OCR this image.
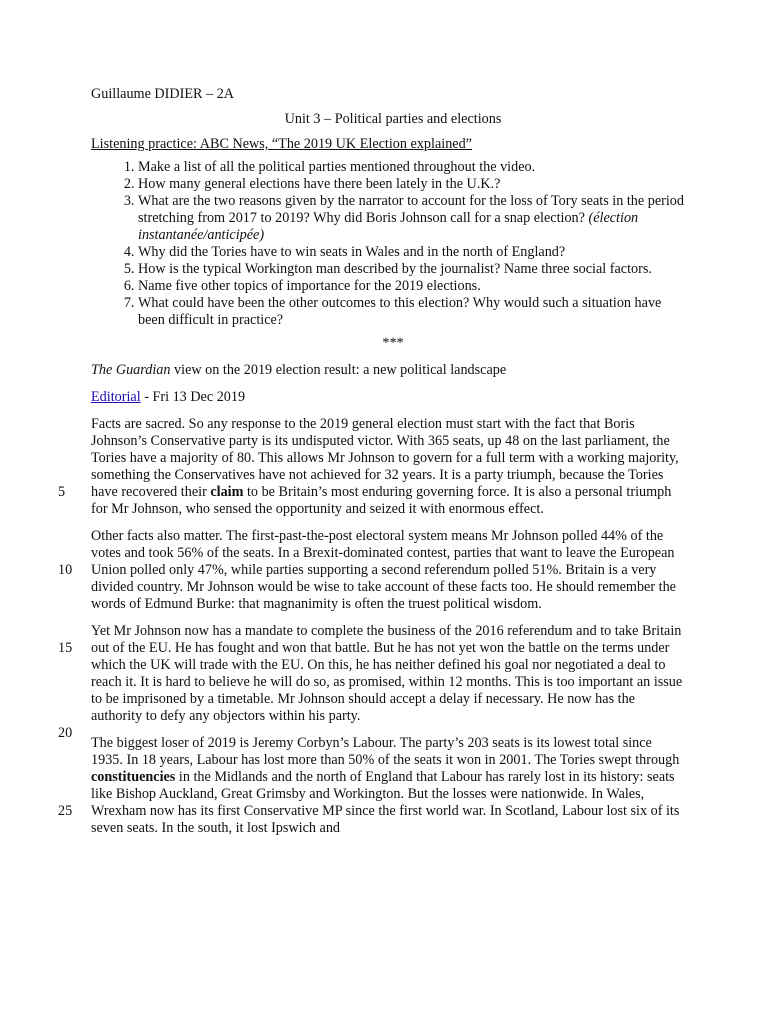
Guillaume DIDIER – 2A

Unit 3 – Political parties and elections

Listening practice: ABC News, “The 2019 UK Election explained”

1. Make a list of all the political parties mentioned throughout the video.
2. How many general elections have there been lately in the U.K.?
3. What are the two reasons given by the narrator to account for the loss of Tory seats in the period stretching from 2017 to 2019? Why did Boris Johnson call for a snap election? (élection instantanée/anticipée)
4. Why did the Tories have to win seats in Wales and in the north of England?
5. How is the typical Workington man described by the journalist? Name three social factors.
6. Name five other topics of importance for the 2019 elections.
7. What could have been the other outcomes to this election? Why would such a situation have been difficult in practice?

***

The Guardian view on the 2019 election result: a new political landscape

Editorial - Fri 13 Dec 2019

5
Facts are sacred. So any response to the 2019 general election must start with the fact that Boris Johnson’s Conservative party is its undisputed victor. With 365 seats, up 48 on the last parliament, the Tories have a majority of 80. This allows Mr Johnson to govern for a full term with a working majority, something the Conservatives have not achieved for 32 years. It is a party triumph, because the Tories have recovered their claim to be Britain’s most enduring governing force. It is also a personal triumph for Mr Johnson, who sensed the opportunity and seized it with enormous effect.

10
Other facts also matter. The first-past-the-post electoral system means Mr Johnson polled 44% of the votes and took 56% of the seats. In a Brexit-dominated contest, parties that want to leave the European Union polled only 47%, while parties supporting a second referendum polled 51%. Britain is a very divided country. Mr Johnson would be wise to take account of these facts too. He should remember the words of Edmund Burke: that magnanimity is often the truest political wisdom.

15
20
Yet Mr Johnson now has a mandate to complete the business of the 2016 referendum and to take Britain out of the EU. He has fought and won that battle. But he has not yet won the battle on the terms under which the UK will trade with the EU. On this, he has neither defined his goal nor negotiated a deal to reach it. It is hard to believe he will do so, as promised, within 12 months. This is too important an issue to be imprisoned by a timetable. Mr Johnson should accept a delay if necessary. He now has the authority to defy any objectors within his party.

25
The biggest loser of 2019 is Jeremy Corbyn’s Labour. The party’s 203 seats is its lowest total since 1935. In 18 years, Labour has lost more than 50% of the seats it won in 2001. The Tories swept through constituencies in the Midlands and the north of England that Labour has rarely lost in its history: seats like Bishop Auckland, Great Grimsby and Workington. But the losses were nationwide. In Wales, Wrexham now has its first Conservative MP since the first world war. In Scotland, Labour lost six of its seven seats. In the south, it lost Ipswich and
